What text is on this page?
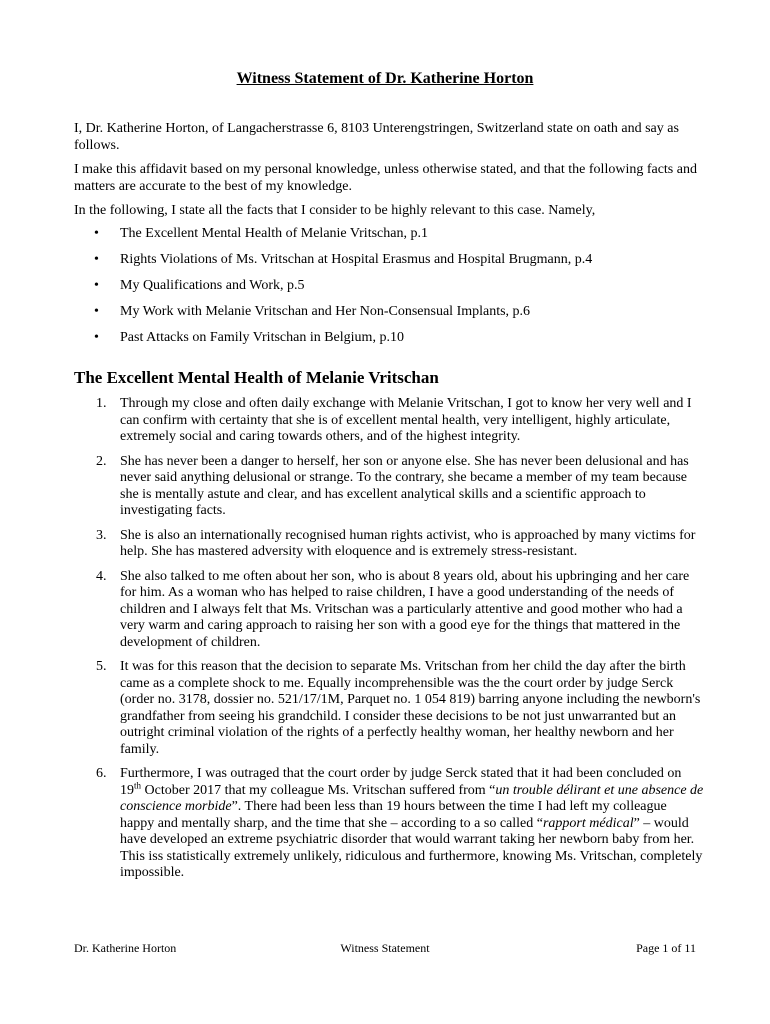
Witness Statement of Dr. Katherine Horton
I, Dr. Katherine Horton, of Langacherstrasse 6, 8103 Unterengstringen, Switzerland state on oath and say as follows.
I make this affidavit based on my personal knowledge, unless otherwise stated, and that the following facts and matters are accurate to the best of my knowledge.
In the following, I state all the facts that I consider to be highly relevant to this case. Namely,
• The Excellent Mental Health of Melanie Vritschan, p.1
• Rights Violations of Ms. Vritschan at Hospital Erasmus and Hospital Brugmann, p.4
• My Qualifications and Work, p.5
• My Work with Melanie Vritschan and Her Non-Consensual Implants, p.6
• Past Attacks on Family Vritschan in Belgium, p.10
The Excellent Mental Health of Melanie Vritschan
1. Through my close and often daily exchange with Melanie Vritschan, I got to know her very well and I can confirm with certainty that she is of excellent mental health, very intelligent, highly articulate, extremely social and caring towards others, and of the highest integrity.
2. She has never been a danger to herself, her son or anyone else. She has never been delusional and has never said anything delusional or strange. To the contrary, she became a member of my team because she is mentally astute and clear, and has excellent analytical skills and a scientific approach to investigating facts.
3. She is also an internationally recognised human rights activist, who is approached by many victims for help. She has mastered adversity with eloquence and is extremely stress-resistant.
4. She also talked to me often about her son, who is about 8 years old, about his upbringing and her care for him. As a woman who has helped to raise children, I have a good understanding of the needs of children and I always felt that Ms. Vritschan was a particularly attentive and good mother who had a very warm and caring approach to raising her son with a good eye for the things that mattered in the development of children.
5. It was for this reason that the decision to separate Ms. Vritschan from her child the day after the birth came as a complete shock to me. Equally incomprehensible was the the court order by judge Serck (order no. 3178, dossier no. 521/17/1M, Parquet no. 1 054 819) barring anyone including the newborn's grandfather from seeing his grandchild. I consider these decisions to be not just unwarranted but an outright criminal violation of the rights of a perfectly healthy woman, her healthy newborn and her family.
6. Furthermore, I was outraged that the court order by judge Serck stated that it had been concluded on 19th October 2017 that my colleague Ms. Vritschan suffered from “un trouble délirant et une absence de conscience morbide”. There had been less than 19 hours between the time I had left my colleague happy and mentally sharp, and the time that she – according to a so called “rapport médical” – would have developed an extreme psychiatric disorder that would warrant taking her newborn baby from her. This iss statistically extremely unlikely, ridiculous and furthermore, knowing Ms. Vritschan, completely impossible.
Dr. Katherine Horton	Witness Statement	Page 1 of 11
